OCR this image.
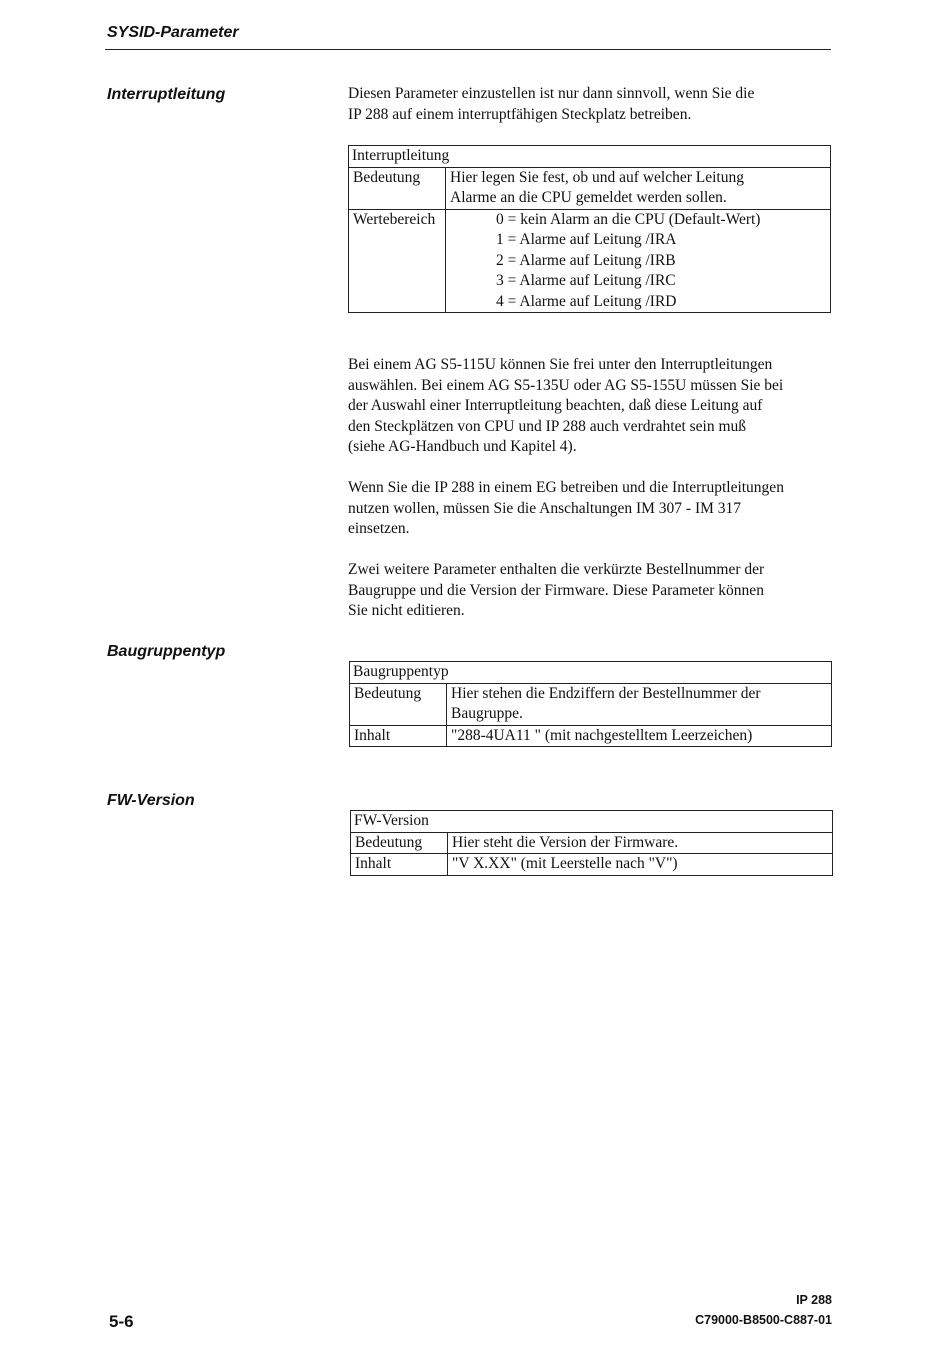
SYSID-Parameter
Interruptleitung	Diesen Parameter einzustellen ist nur dann sinnvoll, wenn Sie die
IP 288 auf einem interruptfähigen Steckplatz betreiben.
Interruptleitung	
Bedeutung	Hier legen Sie fest, ob und auf welcher Leitung
Alarme an die CPU gemeldet werden sollen.

Wertebereich	0 = kein Alarm an die CPU (Default-Wert)
1 = Alarme auf Leitung /IRA
2 = Alarme auf Leitung /IRB
3 = Alarme auf Leitung /IRC
4 = Alarme auf Leitung /IRD
Bei einem AG S5-115U können Sie frei unter den Interruptleitungen
auswählen. Bei einem AG S5-135U oder AG S5-155U müssen Sie bei
der Auswahl einer Interruptleitung beachten, daß diese Leitung auf
den Steckplätzen von CPU und IP 288 auch verdrahtet sein muß
(siehe AG-Handbuch und Kapitel 4).
Wenn Sie die IP 288 in einem EG betreiben und die Interruptleitungen
nutzen wollen, müssen Sie die Anschaltungen IM 307 - IM 317
einsetzen.
Zwei weitere Parameter enthalten die verkürzte Bestellnummer der
Baugruppe und die Version der Firmware. Diese Parameter können
Sie nicht editieren.
Baugruppentyp
Baugruppentyp	
Bedeutung	Hier stehen die Endziffern der Bestellnummer der
Baugruppe.

Inhalt	"288-4UA11 " (mit nachgestelltem Leerzeichen)
FW-Version
FW-Version	
Bedeutung	Hier steht die Version der Firmware.
Inhalt	"V X.XX" (mit Leerstelle nach "V")
5-6
IP 288
C79000-B8500-C887-01
